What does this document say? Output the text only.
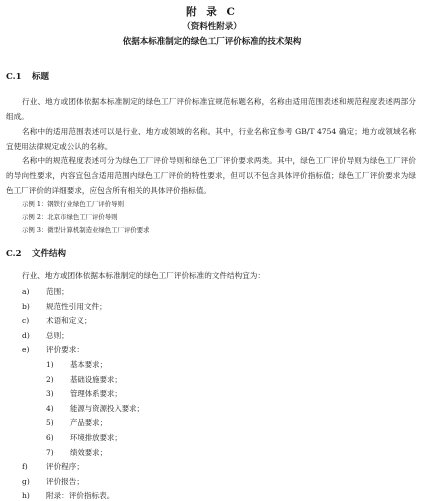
附 录 C
（资料性附录）
依据本标准制定的绿色工厂评价标准的技术架构
C.1 标题
行业、地方或团体依据本标准制定的绿色工厂评价标准宜规范标题名称，名称由适用范围表述和规范程度表述两部分组成。
名称中的适用范围表述可以是行业、地方或领域的名称。其中，行业名称宜参考 GB/T 4754 确定；地方或领域名称宜使用法律规定或公认的名称。
名称中的规范程度表述可分为绿色工厂评价导则和绿色工厂评价要求两类。其中，绿色工厂评价导则为绿色工厂评价的导向性要求，内容宜包含适用范围内绿色工厂评价的特性要求，但可以不包含具体评价指标值；绿色工厂评价要求为绿色工厂评价的详细要求，应包含所有相关的具体评价指标值。
示例 1：钢铁行业绿色工厂评价导则
示例 2：北京市绿色工厂评价导则
示例 3：微型计算机制造业绿色工厂评价要求
C.2 文件结构
行业、地方或团体依据本标准制定的绿色工厂评价标准的文件结构宜为：
a) 范围；
b) 规范性引用文件；
c) 术语和定义；
d) 总则；
e) 评价要求：
1) 基本要求；
2) 基础设施要求；
3) 管理体系要求；
4) 能源与资源投入要求；
5) 产品要求；
6) 环境排放要求；
7) 绩效要求；
f) 评价程序；
g) 评价报告；
h) 附录：评价指标表。
